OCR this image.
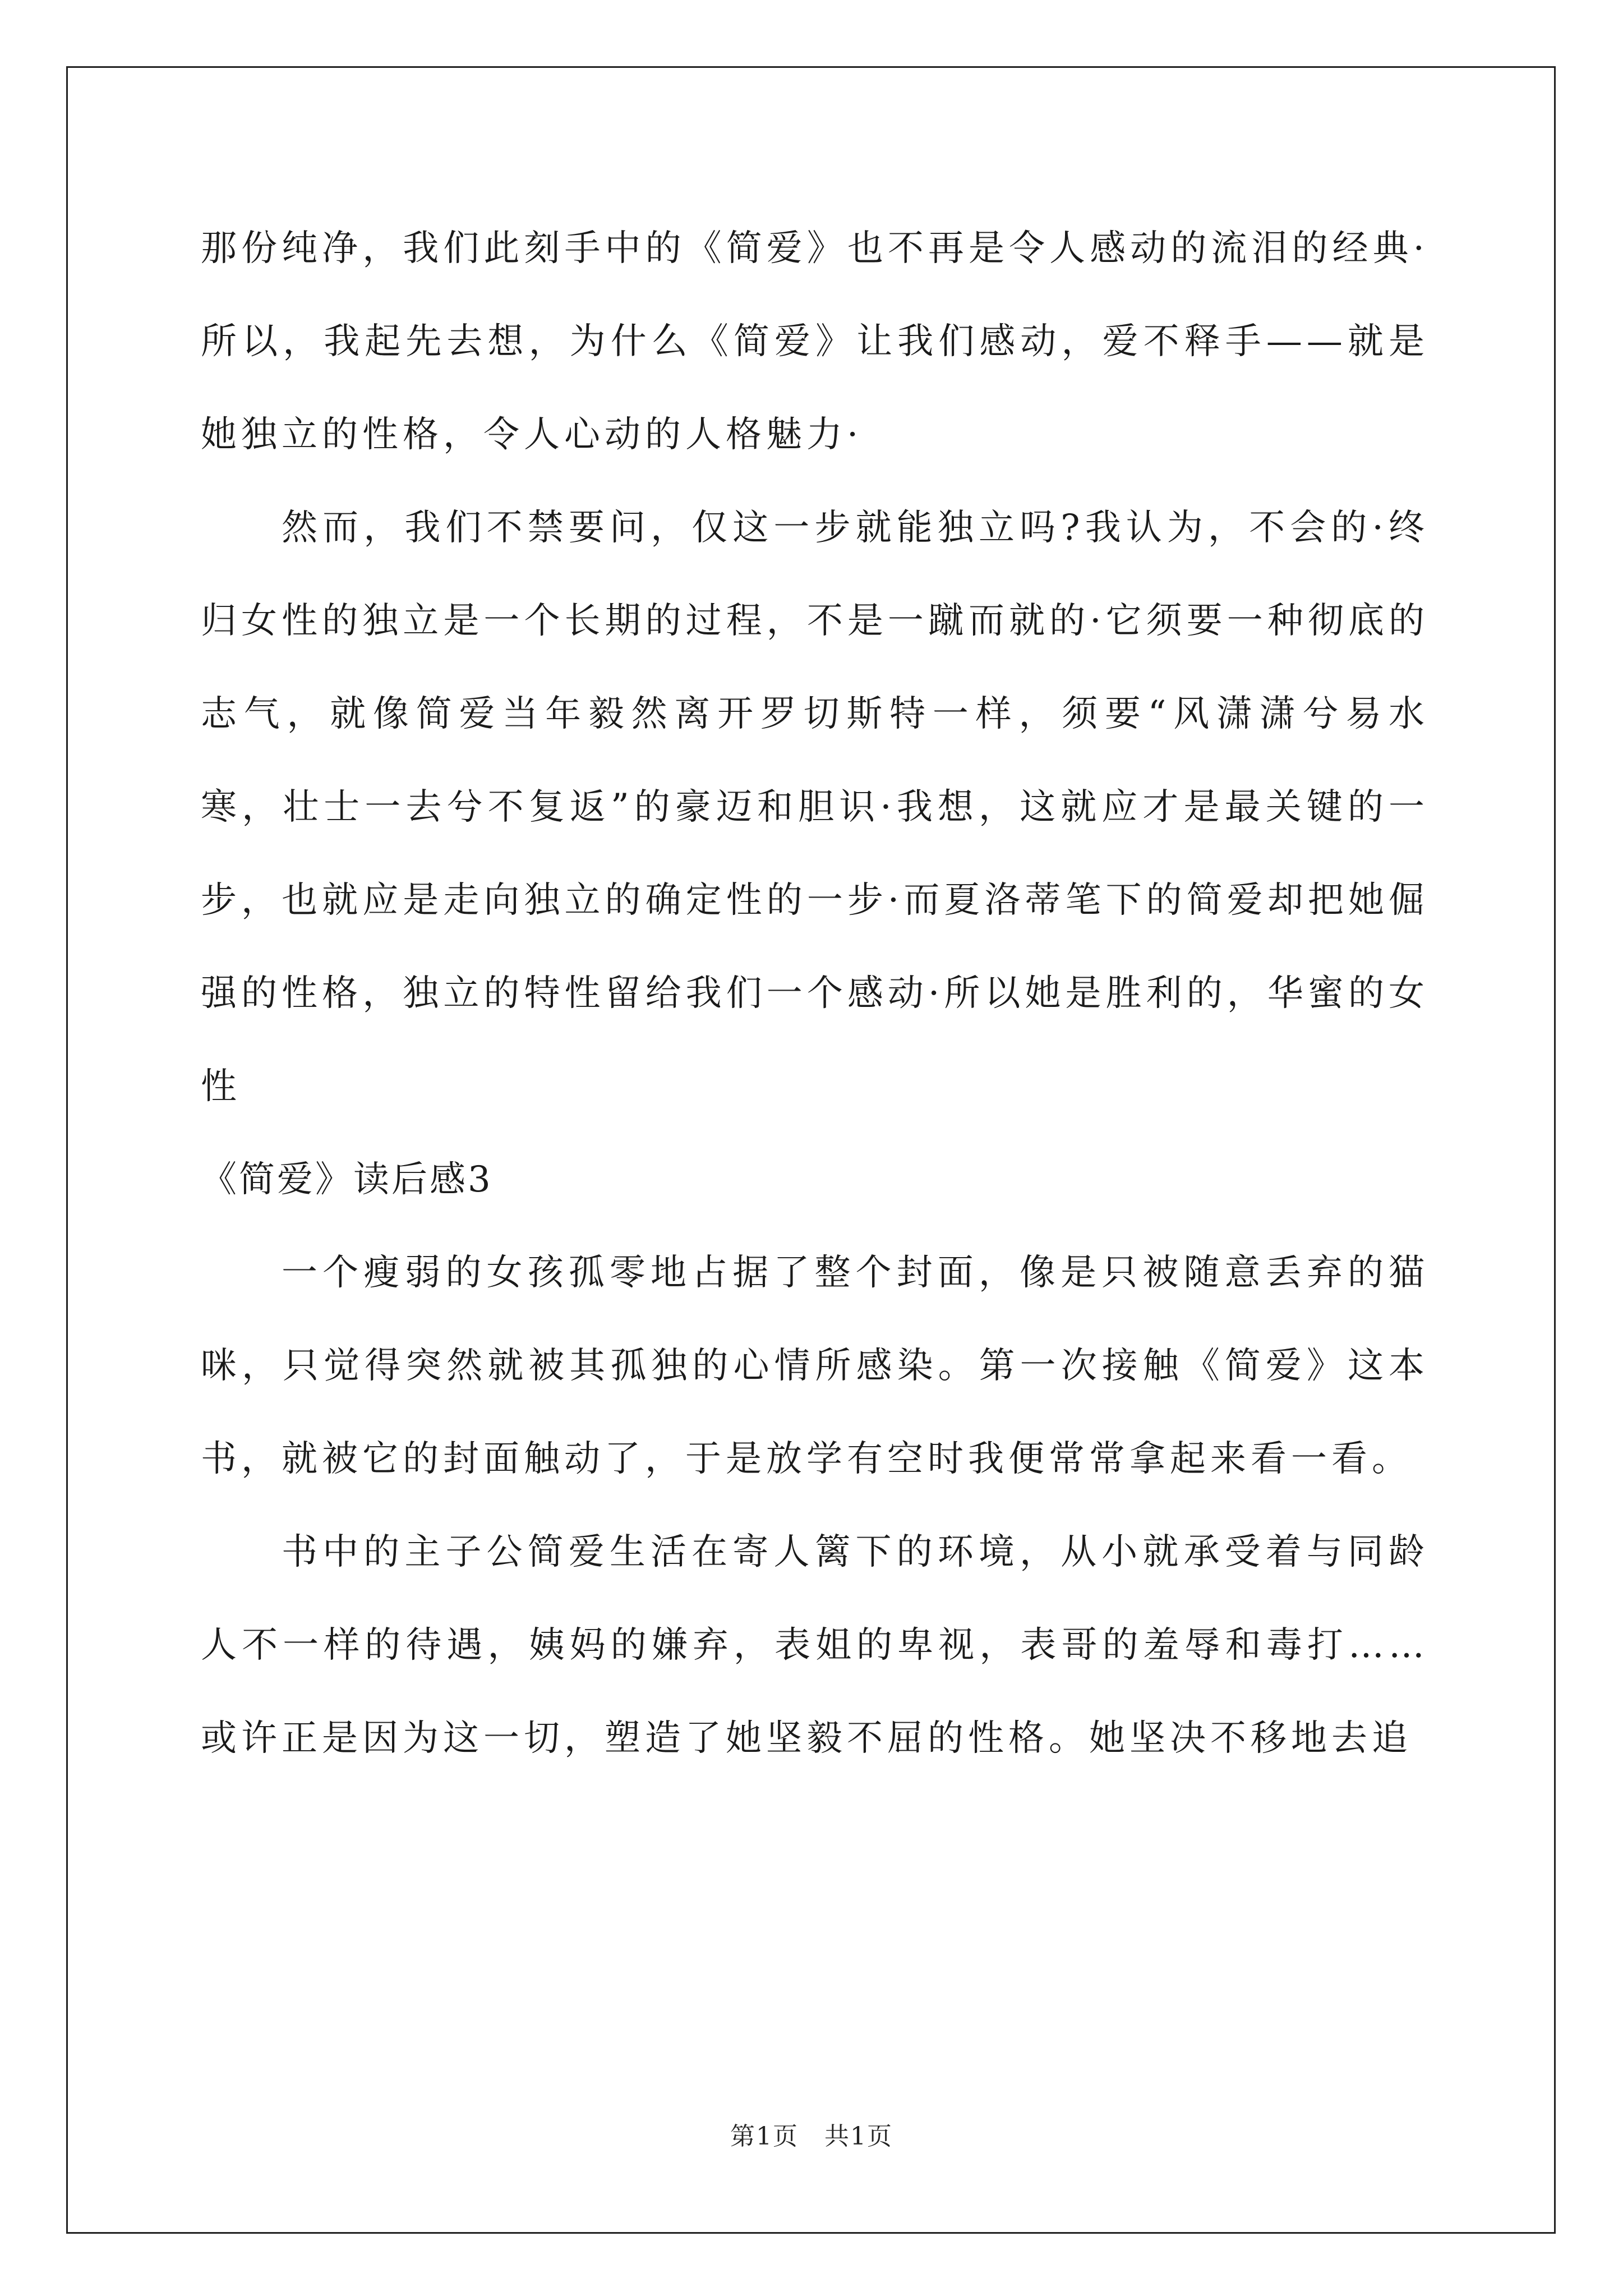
那份纯净，我们此刻手中的《简爱》也不再是令人感动的流泪的经典·所以，我起先去想，为什么《简爱》让我们感动，爱不释手——就是她独立的性格，令人心动的人格魅力·

然而，我们不禁要问，仅这一步就能独立吗?我认为，不会的·终归女性的独立是一个长期的过程，不是一蹴而就的·它须要一种彻底的志气，就像简爱当年毅然离开罗切斯特一样，须要“风潇潇兮易水寒，壮士一去兮不复返”的豪迈和胆识·我想，这就应才是最关键的一步，也就应是走向独立的确定性的一步·而夏洛蒂笔下的简爱却把她倔强的性格，独立的特性留给我们一个感动·所以她是胜利的，华蜜的女性

《简爱》读后感3

一个瘦弱的女孩孤零地占据了整个封面，像是只被随意丢弃的猫咪，只觉得突然就被其孤独的心情所感染。第一次接触《简爱》这本书，就被它的封面触动了，于是放学有空时我便常常拿起来看一看。

书中的主子公简爱生活在寄人篱下的环境，从小就承受着与同龄人不一样的待遇，姨妈的嫌弃，表姐的卑视，表哥的羞辱和毒打……或许正是因为这一切，塑造了她坚毅不屈的性格。她坚决不移地去追

第1页　共1页
